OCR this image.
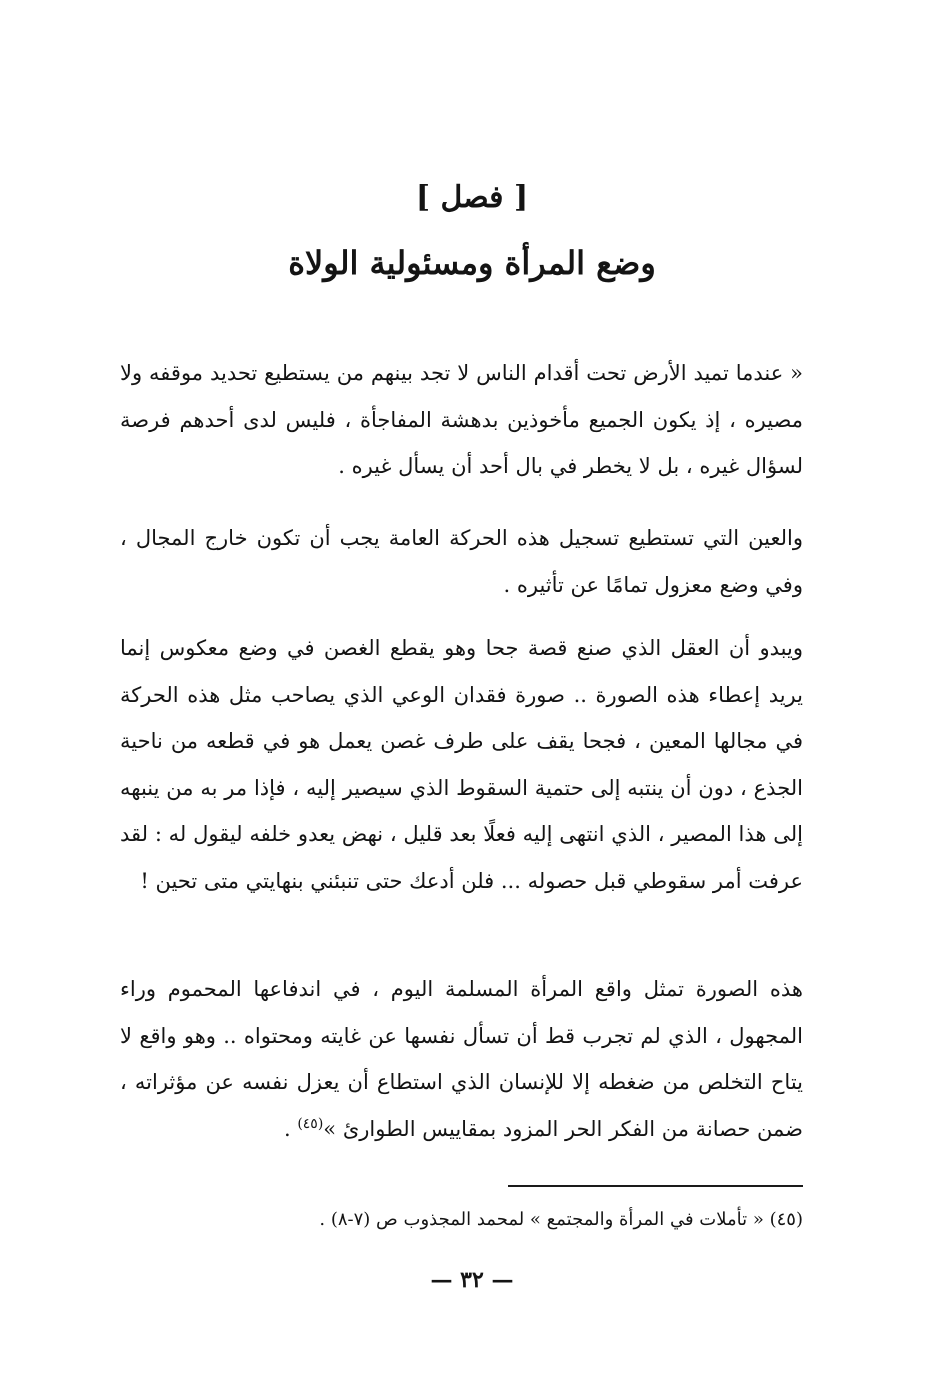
[ فصل ]
وضع المرأة ومسئولية الولاة

« عندما تميد الأرض تحت أقدام الناس لا تجد بينهم من يستطيع تحديد موقفه ولا مصيره ، إذ يكون الجميع مأخوذين بدهشة المفاجأة ، فليس لدى أحدهم فرصة لسؤال غيره ، بل لا يخطر في بال أحد أن يسأل غيره .

والعين التي تستطيع تسجيل هذه الحركة العامة يجب أن تكون خارج المجال ، وفي وضع معزول تمامًا عن تأثيره .

ويبدو أن العقل الذي صنع قصة جحا وهو يقطع الغصن في وضع معكوس إنما يريد إعطاء هذه الصورة .. صورة فقدان الوعي الذي يصاحب مثل هذه الحركة في مجالها المعين ، فجحا يقف على طرف غصن يعمل هو في قطعه من ناحية الجذع ، دون أن ينتبه إلى حتمية السقوط الذي سيصير إليه ، فإذا مر به من ينبهه إلى هذا المصير ، الذي انتهى إليه فعلًا بعد قليل ، نهض يعدو خلفه ليقول له : لقد عرفت أمر سقوطي قبل حصوله ... فلن أدعك حتى تنبئني بنهايتي متى تحين !

هذه الصورة تمثل واقع المرأة المسلمة اليوم ، في اندفاعها المحموم وراء المجهول ، الذي لم تجرب قط أن تسأل نفسها عن غايته ومحتواه .. وهو واقع لا يتاح التخلص من ضغطه إلا للإنسان الذي استطاع أن يعزل نفسه عن مؤثراته ، ضمن حصانة من الفكر الحر المزود بمقاييس الطوارئ »$^{(٤٥)}$ .

(٤٥) « تأملات في المرأة والمجتمع » لمحمد المجذوب ص (٧-٨) .

— ٣٢ —
